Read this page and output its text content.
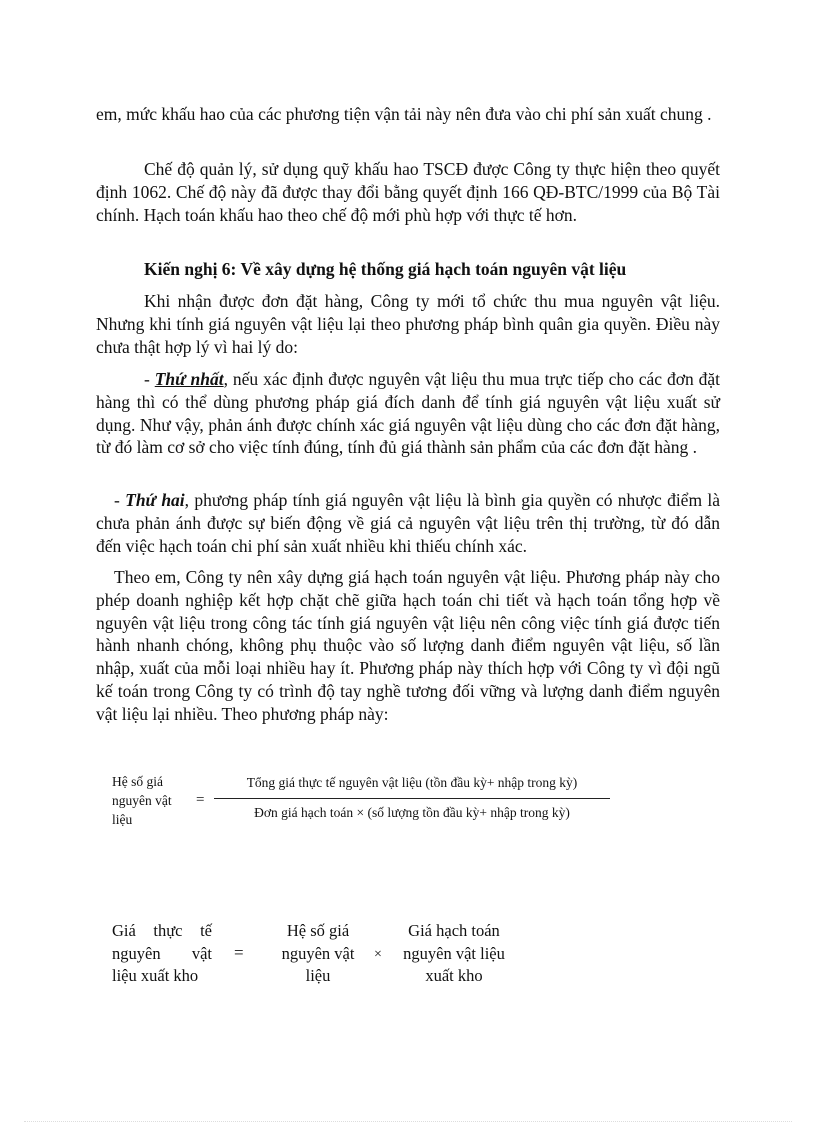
em, mức khấu hao của các phương tiện vận tải này nên đưa vào chi phí sản xuất chung .

Chế độ quản lý, sử dụng quỹ khấu hao TSCĐ được Công ty thực hiện theo quyết định 1062. Chế độ này đã được thay đổi bằng quyết định 166 QĐ-BTC/1999 của Bộ Tài chính. Hạch toán khấu hao theo chế độ mới phù hợp với thực tế hơn.

Kiến nghị 6: Về xây dựng hệ thống giá hạch toán nguyên vật liệu

Khi nhận được đơn đặt hàng, Công ty mới tổ chức thu mua nguyên vật liệu. Nhưng khi tính giá nguyên vật liệu lại theo phương pháp bình quân gia quyền. Điều này chưa thật hợp lý vì hai lý do:

- Thứ nhất, nếu xác định được nguyên vật liệu thu mua trực tiếp cho các đơn đặt hàng thì có thể dùng phương pháp giá đích danh để tính giá nguyên vật liệu xuất sử dụng. Như vậy, phản ánh được chính xác giá nguyên vật liệu dùng cho các đơn đặt hàng, từ đó làm cơ sở cho việc tính đúng, tính đủ giá thành sản phẩm của các đơn đặt hàng .

- Thứ hai, phương pháp tính giá nguyên vật liệu là bình gia quyền có nhược điểm là chưa phản ánh được sự biến động về giá cả nguyên vật liệu trên thị trường, từ đó dẫn đến việc hạch toán chi phí sản xuất nhiều khi thiếu chính xác.

Theo em, Công ty nên xây dựng giá hạch toán nguyên vật liệu. Phương pháp này cho phép doanh nghiệp kết hợp chặt chẽ giữa hạch toán chi tiết và hạch toán tổng hợp về nguyên vật liệu trong công tác tính giá nguyên vật liệu nên công việc tính giá được tiến hành nhanh chóng, không phụ thuộc vào số lượng danh điểm nguyên vật liệu, số lần nhập, xuất của mỗi loại nhiều hay ít. Phương pháp này thích hợp với Công ty vì đội ngũ kế toán trong Công ty có trình độ tay nghề tương đối vững và lượng danh điểm nguyên vật liệu lại nhiều. Theo phương pháp này:

Hệ số giá nguyên vật liệu
=
Tổng giá thực tế nguyên vật liệu (tồn đầu kỳ+ nhập trong kỳ)
Đơn giá hạch toán × (số lượng tồn đầu kỳ+ nhập trong kỳ)
Giá thực tế nguyên vật liệu xuất kho
=
Hệ số giá nguyên vật liệu
×
Giá hạch toán nguyên vật liệu xuất kho
